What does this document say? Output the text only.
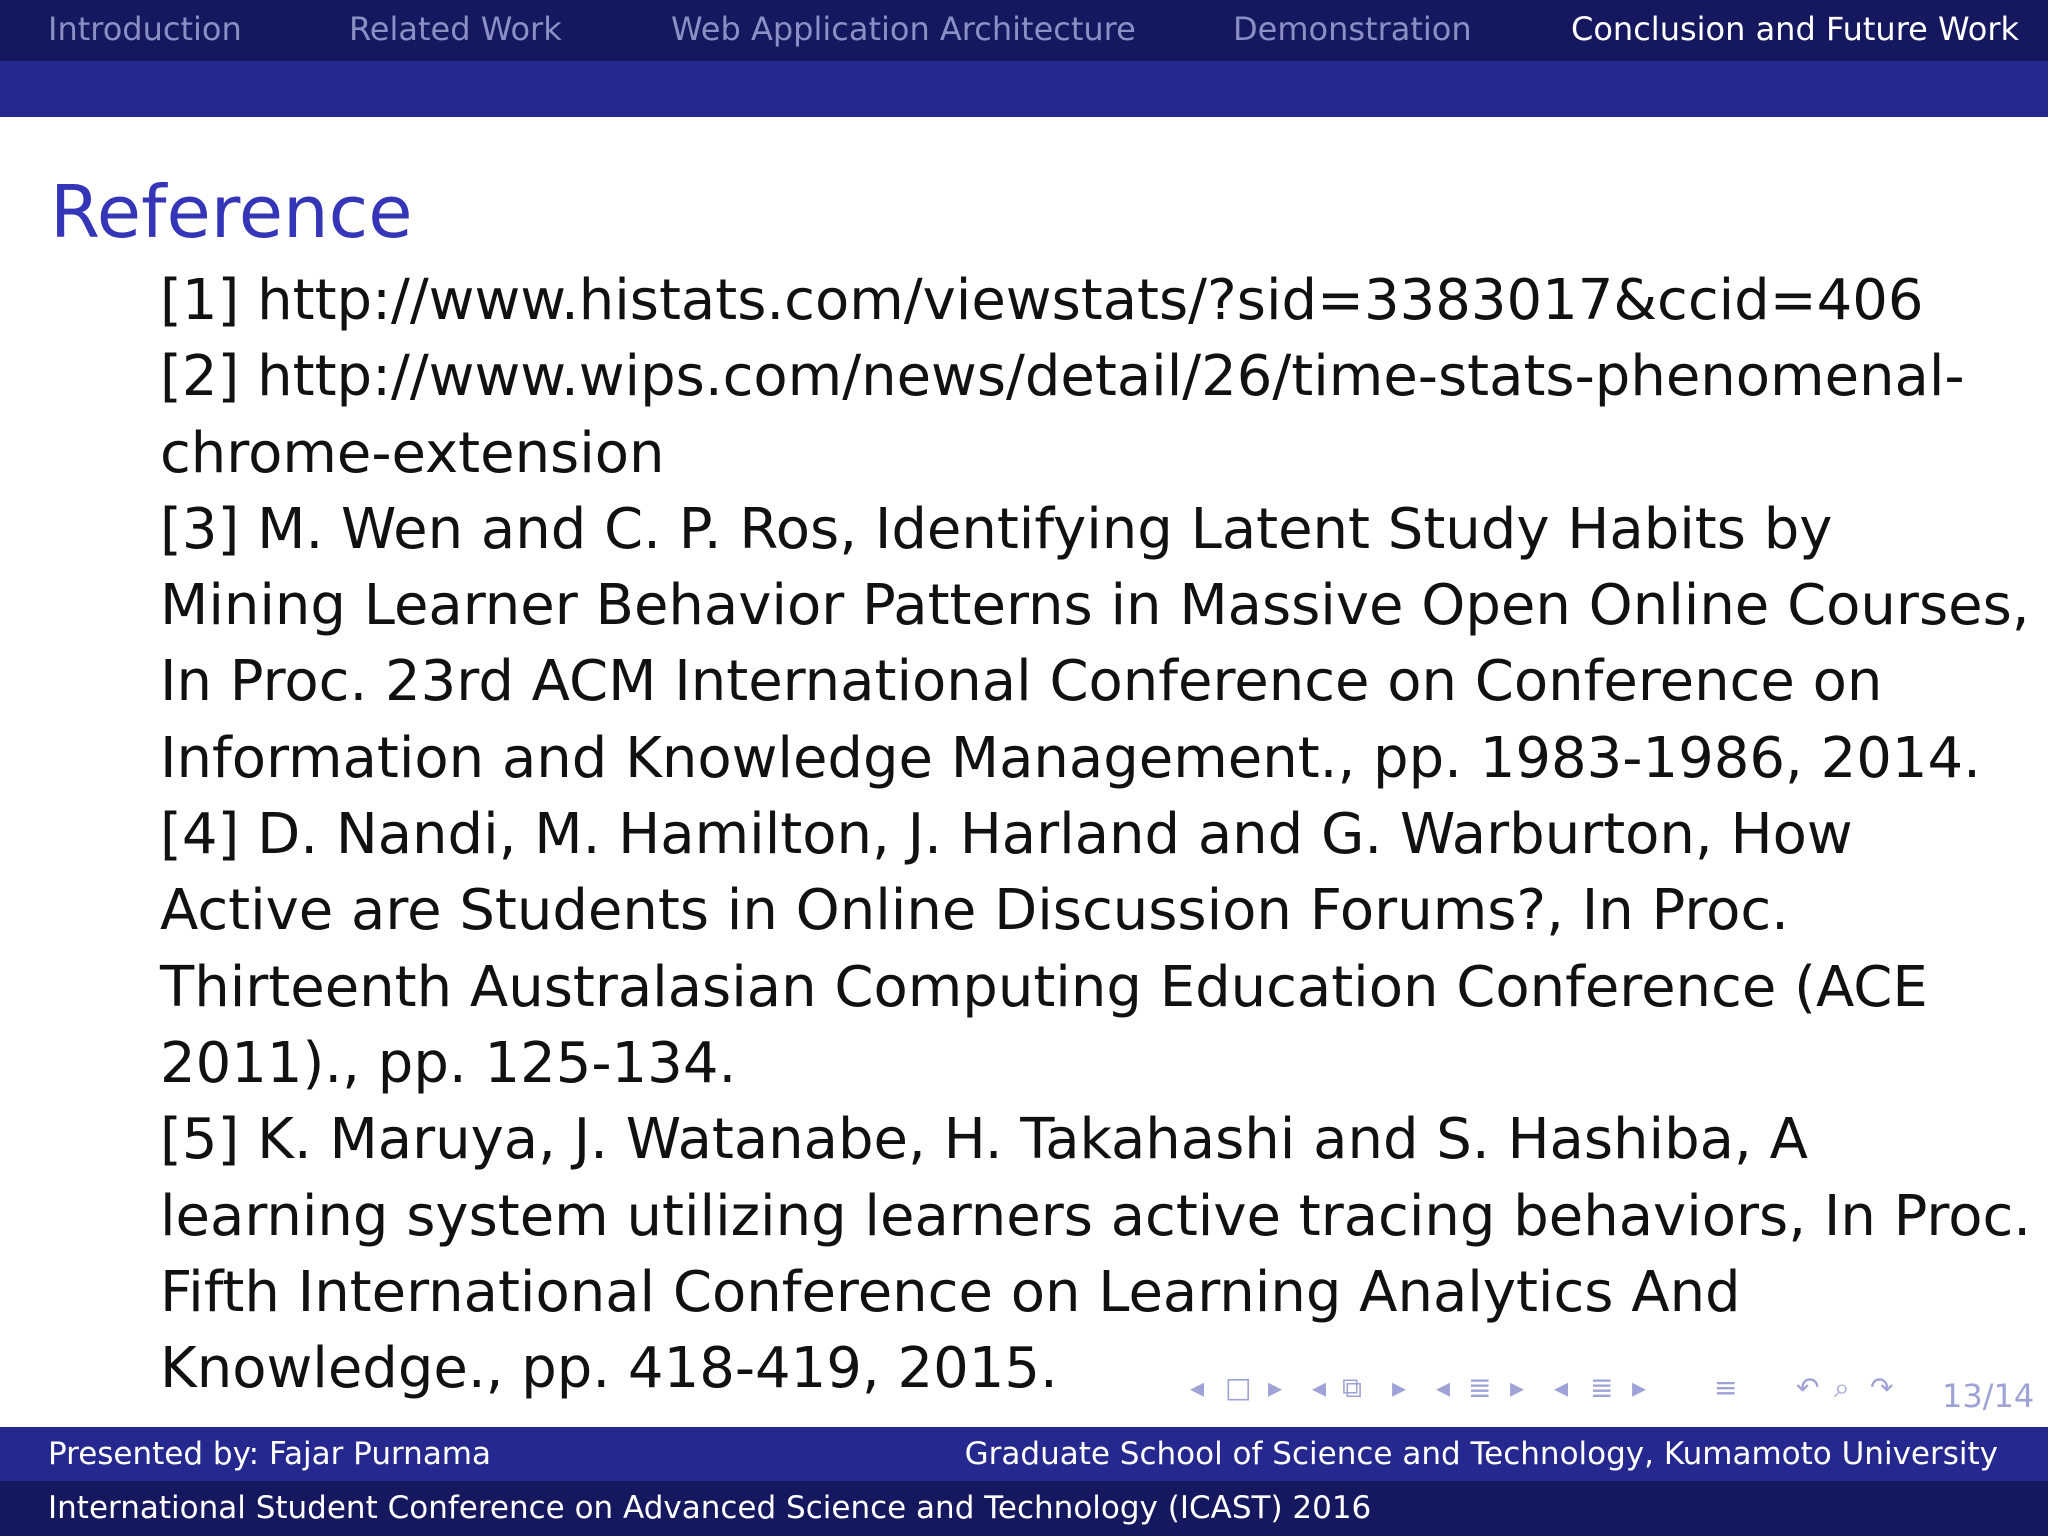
Introduction	Related Work	Web Application Architecture	Demonstration	Conclusion and Future Work
Reference
[1] http://www.histats.com/viewstats/?sid=3383017&ccid=406
[2] http://www.wips.com/news/detail/26/time-stats-phenomenal-
chrome-extension
[3] M. Wen and C. P. Ros, Identifying Latent Study Habits by
Mining Learner Behavior Patterns in Massive Open Online Courses,
In Proc. 23rd ACM International Conference on Conference on
Information and Knowledge Management., pp. 1983-1986, 2014.
[4] D. Nandi, M. Hamilton, J. Harland and G. Warburton, How
Active are Students in Online Discussion Forums?, In Proc.
Thirteenth Australasian Computing Education Conference (ACE
2011)., pp. 125-134.
[5] K. Maruya, J. Watanabe, H. Takahashi and S. Hashiba, A
learning system utilizing learners active tracing behaviors, In Proc.
Fifth International Conference on Learning Analytics And
Knowledge., pp. 418-419, 2015.	◂ □ ▸ ◂ ⧉ ▸ ◂ ≣ ▸ ◂ ≣ ▸ ≡ ↶ ⌕ ↷ 13/14
Presented by: Fajar Purnama	Graduate School of Science and Technology, Kumamoto University
International Student Conference on Advanced Science and Technology (ICAST) 2016
